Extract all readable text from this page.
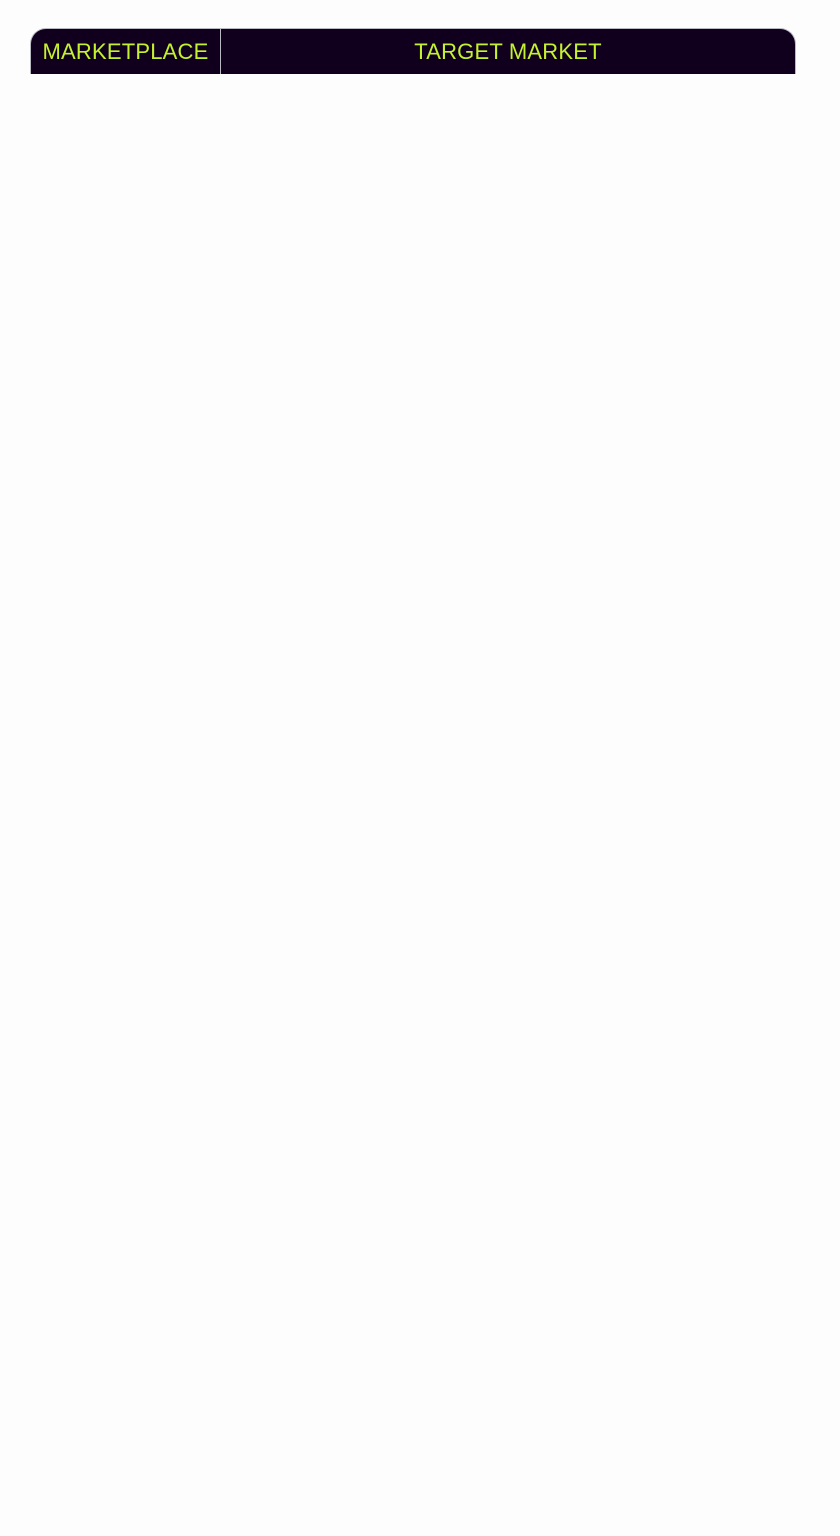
MARKETPLACE	TARGET MARKET
